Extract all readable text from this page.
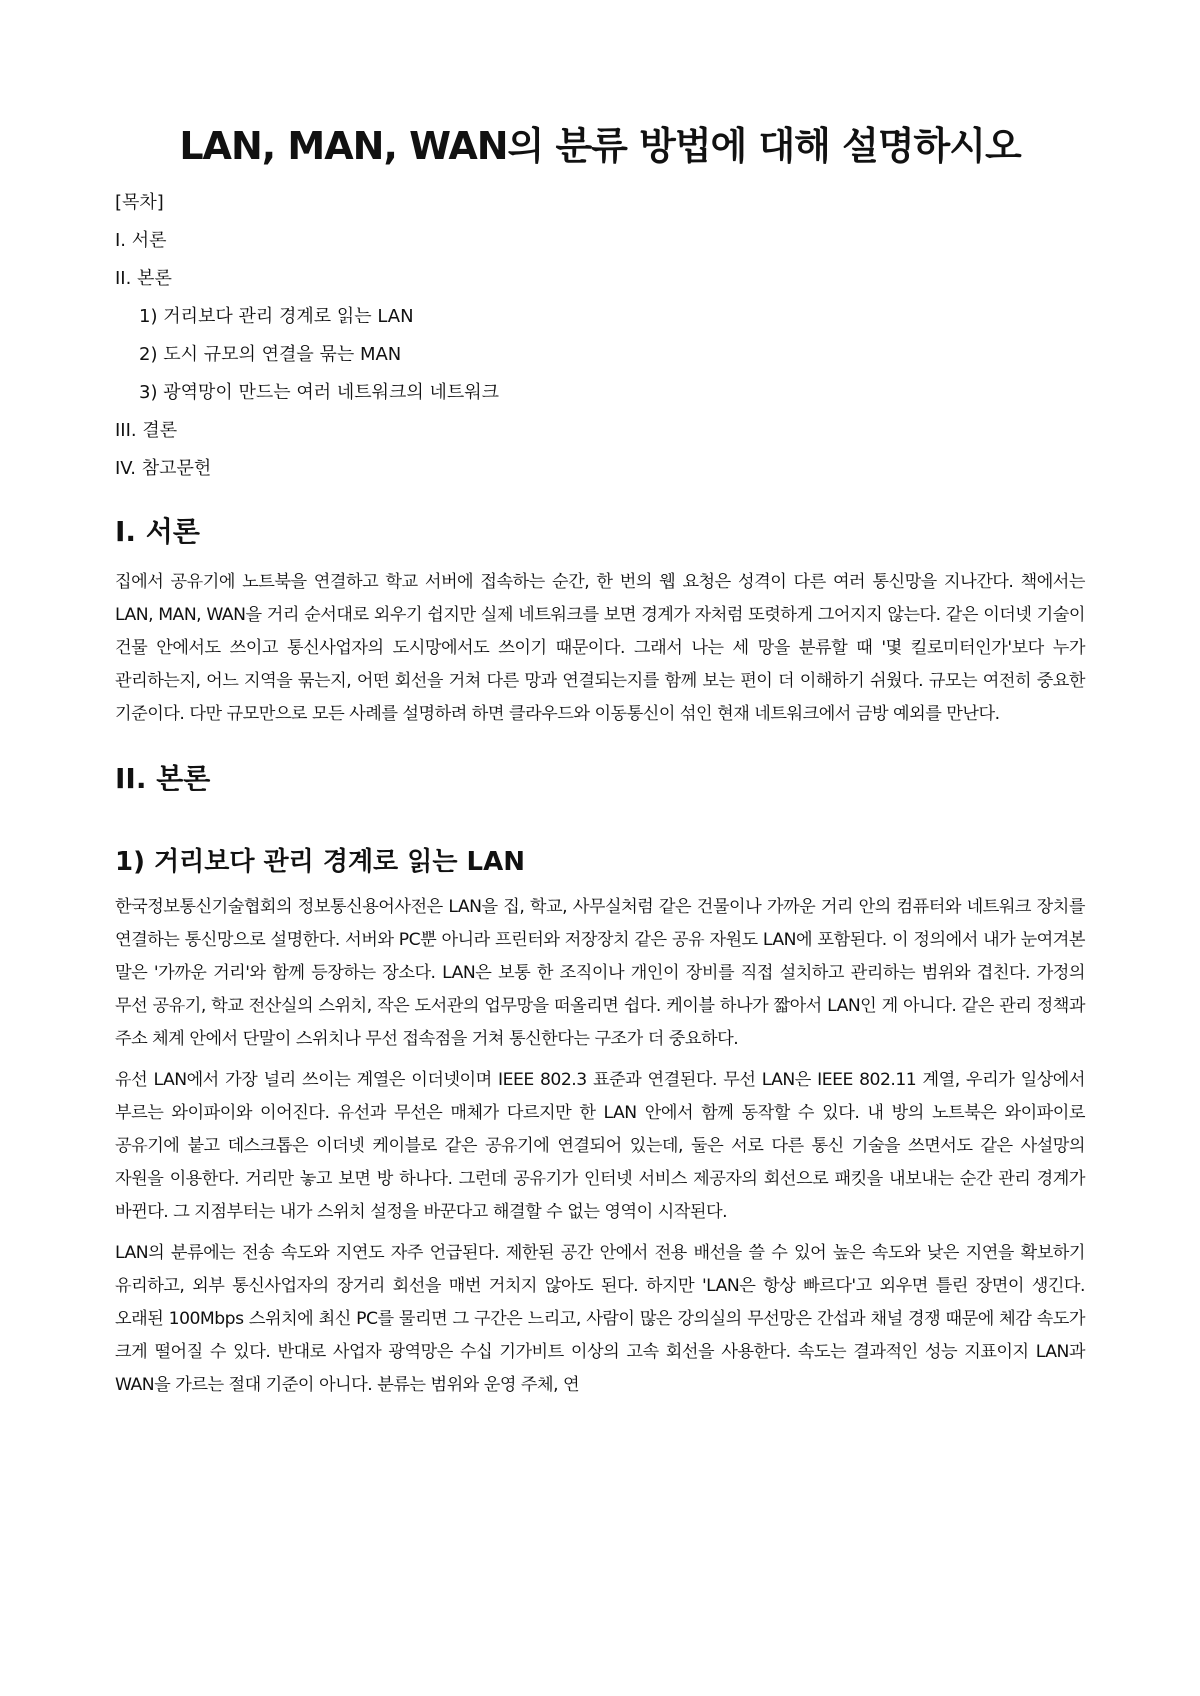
LAN, MAN, WAN의 분류 방법에 대해 설명하시오
[목차]
I. 서론
II. 본론
1) 거리보다 관리 경계로 읽는 LAN
2) 도시 규모의 연결을 묶는 MAN
3) 광역망이 만드는 여러 네트워크의 네트워크
III. 결론
IV. 참고문헌
I. 서론

집에서 공유기에 노트북을 연결하고 학교 서버에 접속하는 순간, 한 번의 웹 요청은 성격이 다른 여러 통신망을 지나간다. 책에서는 LAN, MAN, WAN을 거리 순서대로 외우기 쉽지만 실제 네트워크를 보면 경계가 자처럼 또렷하게 그어지지 않는다. 같은 이더넷 기술이 건물 안에서도 쓰이고 통신사업자의 도시망에서도 쓰이기 때문이다. 그래서 나는 세 망을 분류할 때 '몇 킬로미터인가'보다 누가 관리하는지, 어느 지역을 묶는지, 어떤 회선을 거쳐 다른 망과 연결되는지를 함께 보는 편이 더 이해하기 쉬웠다. 규모는 여전히 중요한 기준이다. 다만 규모만으로 모든 사례를 설명하려 하면 클라우드와 이동통신이 섞인 현재 네트워크에서 금방 예외를 만난다.

II. 본론
1) 거리보다 관리 경계로 읽는 LAN

한국정보통신기술협회의 정보통신용어사전은 LAN을 집, 학교, 사무실처럼 같은 건물이나 가까운 거리 안의 컴퓨터와 네트워크 장치를 연결하는 통신망으로 설명한다. 서버와 PC뿐 아니라 프린터와 저장장치 같은 공유 자원도 LAN에 포함된다. 이 정의에서 내가 눈여겨본 말은 '가까운 거리'와 함께 등장하는 장소다. LAN은 보통 한 조직이나 개인이 장비를 직접 설치하고 관리하는 범위와 겹친다. 가정의 무선 공유기, 학교 전산실의 스위치, 작은 도서관의 업무망을 떠올리면 쉽다. 케이블 하나가 짧아서 LAN인 게 아니다. 같은 관리 정책과 주소 체계 안에서 단말이 스위치나 무선 접속점을 거쳐 통신한다는 구조가 더 중요하다.

유선 LAN에서 가장 널리 쓰이는 계열은 이더넷이며 IEEE 802.3 표준과 연결된다. 무선 LAN은 IEEE 802.11 계열, 우리가 일상에서 부르는 와이파이와 이어진다. 유선과 무선은 매체가 다르지만 한 LAN 안에서 함께 동작할 수 있다. 내 방의 노트북은 와이파이로 공유기에 붙고 데스크톱은 이더넷 케이블로 같은 공유기에 연결되어 있는데, 둘은 서로 다른 통신 기술을 쓰면서도 같은 사설망의 자원을 이용한다. 거리만 놓고 보면 방 하나다. 그런데 공유기가 인터넷 서비스 제공자의 회선으로 패킷을 내보내는 순간 관리 경계가 바뀐다. 그 지점부터는 내가 스위치 설정을 바꾼다고 해결할 수 없는 영역이 시작된다.

LAN의 분류에는 전송 속도와 지연도 자주 언급된다. 제한된 공간 안에서 전용 배선을 쓸 수 있어 높은 속도와 낮은 지연을 확보하기 유리하고, 외부 통신사업자의 장거리 회선을 매번 거치지 않아도 된다. 하지만 'LAN은 항상 빠르다'고 외우면 틀린 장면이 생긴다. 오래된 100Mbps 스위치에 최신 PC를 물리면 그 구간은 느리고, 사람이 많은 강의실의 무선망은 간섭과 채널 경쟁 때문에 체감 속도가 크게 떨어질 수 있다. 반대로 사업자 광역망은 수십 기가비트 이상의 고속 회선을 사용한다. 속도는 결과적인 성능 지표이지 LAN과 WAN을 가르는 절대 기준이 아니다. 분류는 범위와 운영 주체, 연
